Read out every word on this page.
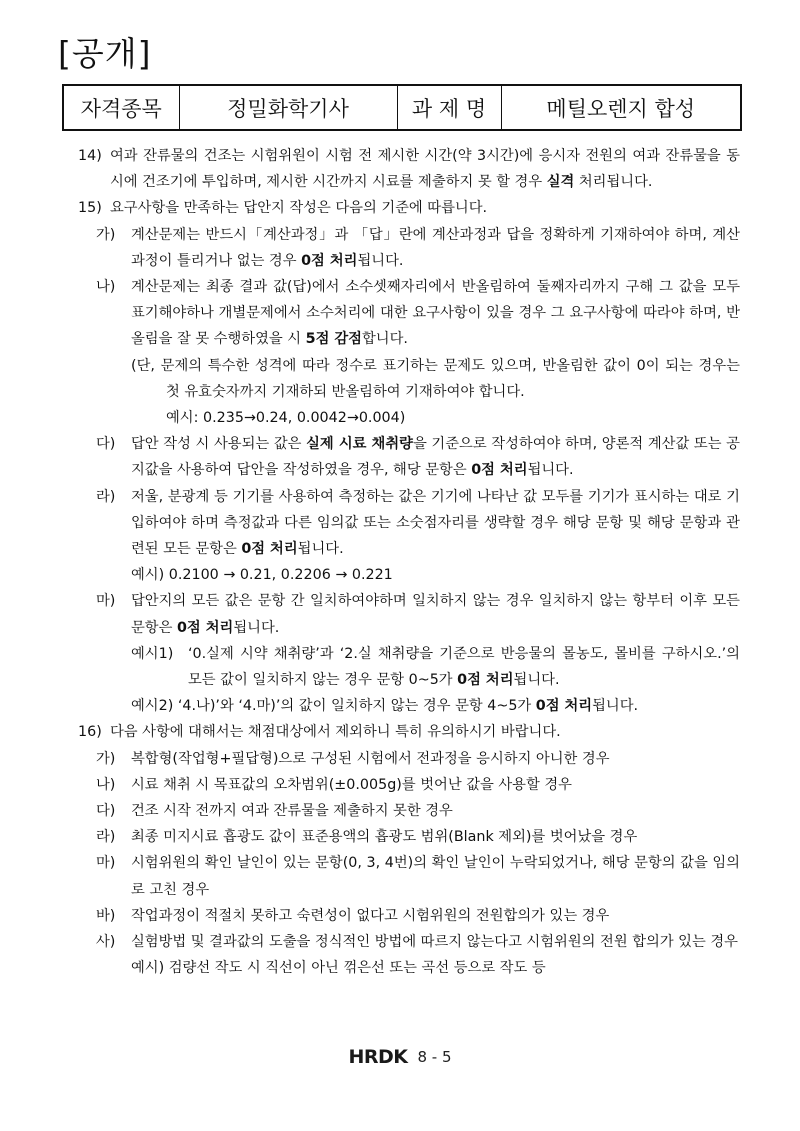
[공개]
자격종목	정밀화학기사	과 제 명	메틸오렌지 합성
14) 여과 잔류물의 건조는 시험위원이 시험 전 제시한 시간(약 3시간)에 응시자 전원의 여과 잔류물을 동시에 건조기에 투입하며, 제시한 시간까지 시료를 제출하지 못 할 경우 실격 처리됩니다.
15) 요구사항을 만족하는 답안지 작성은 다음의 기준에 따릅니다.
가) 계산문제는 반드시「계산과정」과 「답」란에 계산과정과 답을 정확하게 기재하여야 하며, 계산과정이 틀리거나 없는 경우 0점 처리됩니다.
나) 계산문제는 최종 결과 값(답)에서 소수셋째자리에서 반올림하여 둘째자리까지 구해 그 값을 모두 표기해야하나 개별문제에서 소수처리에 대한 요구사항이 있을 경우 그 요구사항에 따라야 하며, 반올림을 잘 못 수행하였을 시 5점 감점합니다.
(단, 문제의 특수한 성격에 따라 정수로 표기하는 문제도 있으며, 반올림한 값이 0이 되는 경우는 첫 유효숫자까지 기재하되 반올림하여 기재하여야 합니다.
예시: 0.235→0.24, 0.0042→0.004)
다) 답안 작성 시 사용되는 값은 실제 시료 채취량을 기준으로 작성하여야 하며, 양론적 계산값 또는 공지값을 사용하여 답안을 작성하였을 경우, 해당 문항은 0점 처리됩니다.
라) 저울, 분광계 등 기기를 사용하여 측정하는 값은 기기에 나타난 값 모두를 기기가 표시하는 대로 기입하여야 하며 측정값과 다른 임의값 또는 소숫점자리를 생략할 경우 해당 문항 및 해당 문항과 관련된 모든 문항은 0점 처리됩니다.
예시) 0.2100 → 0.21, 0.2206 → 0.221
마) 답안지의 모든 값은 문항 간 일치하여야하며 일치하지 않는 경우 일치하지 않는 항부터 이후 모든 문항은 0점 처리됩니다.
예시1) ‘0.실제 시약 채취량’과 ‘2.실 채취량을 기준으로 반응물의 몰농도, 몰비를 구하시오.’의 모든 값이 일치하지 않는 경우 문항 0~5가 0점 처리됩니다.
예시2) ‘4.나)’와 ‘4.마)’의 값이 일치하지 않는 경우 문항 4~5가 0점 처리됩니다.
16) 다음 사항에 대해서는 채점대상에서 제외하니 특히 유의하시기 바랍니다.
가) 복합형(작업형+필답형)으로 구성된 시험에서 전과정을 응시하지 아니한 경우
나) 시료 채취 시 목표값의 오차범위(±0.005g)를 벗어난 값을 사용할 경우
다) 건조 시작 전까지 여과 잔류물을 제출하지 못한 경우
라) 최종 미지시료 흡광도 값이 표준용액의 흡광도 범위(Blank 제외)를 벗어났을 경우
마) 시험위원의 확인 날인이 있는 문항(0, 3, 4번)의 확인 날인이 누락되었거나, 해당 문항의 값을 임의로 고친 경우
바) 작업과정이 적절치 못하고 숙련성이 없다고 시험위원의 전원합의가 있는 경우
사) 실험방법 및 결과값의 도출을 정식적인 방법에 따르지 않는다고 시험위원의 전원 합의가 있는 경우
예시) 검량선 작도 시 직선이 아닌 꺾은선 또는 곡선 등으로 작도 등
HRDK 8 - 5
